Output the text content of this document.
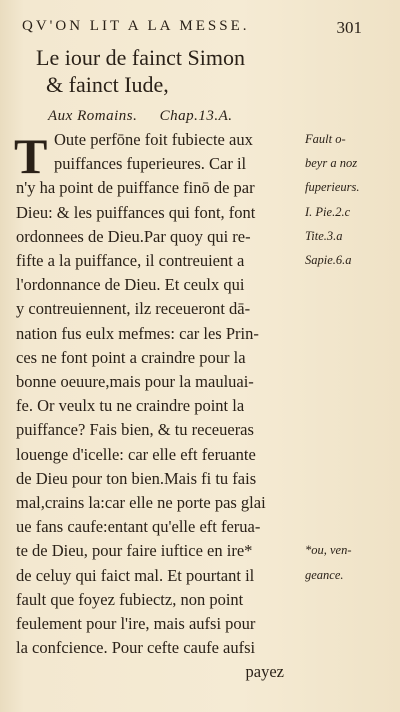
QV'ON LIT A LA MESSE.	301
Le iour de fainct Simon
& fainct Iude,
Aux Romains. Chap.13.A.
T Oute perfōne foit fubiecte aux
puiffances fuperieures. Car il
n'y ha point de puiffance finō de par
Dieu: & les puiffances qui font, font
ordonnees de Dieu.Par quoy qui re-
fifte a la puiffance, il contreuient a
l'ordonnance de Dieu. Et ceulx qui
y contreuiennent, ilz receueront dā-
nation fus eulx mefmes: car les Prin-
ces ne font point a craindre pour la
bonne oeuure,mais pour la mauluai-
fe. Or veulx tu ne craindre point la
puiffance? Fais bien, & tu receueras
louenge d'icelle: car elle eft feruante
de Dieu pour ton bien.Mais fi tu fais
mal,crains la:car elle ne porte pas glai
ue fans caufe:entant qu'elle eft ferua-
te de Dieu, pour faire iuftice en ire*
de celuy qui faict mal. Et pourtant il
fault que foyez fubiectz, non point
feulement pour l'ire, mais aufsi pour
la confcience. Pour cefte caufe aufsi
payez
Fault o-
beyr a noz
fuperieurs.
I. Pie.2.c
Tite.3.a
Sapie.6.a
*ou, ven-
geance.
